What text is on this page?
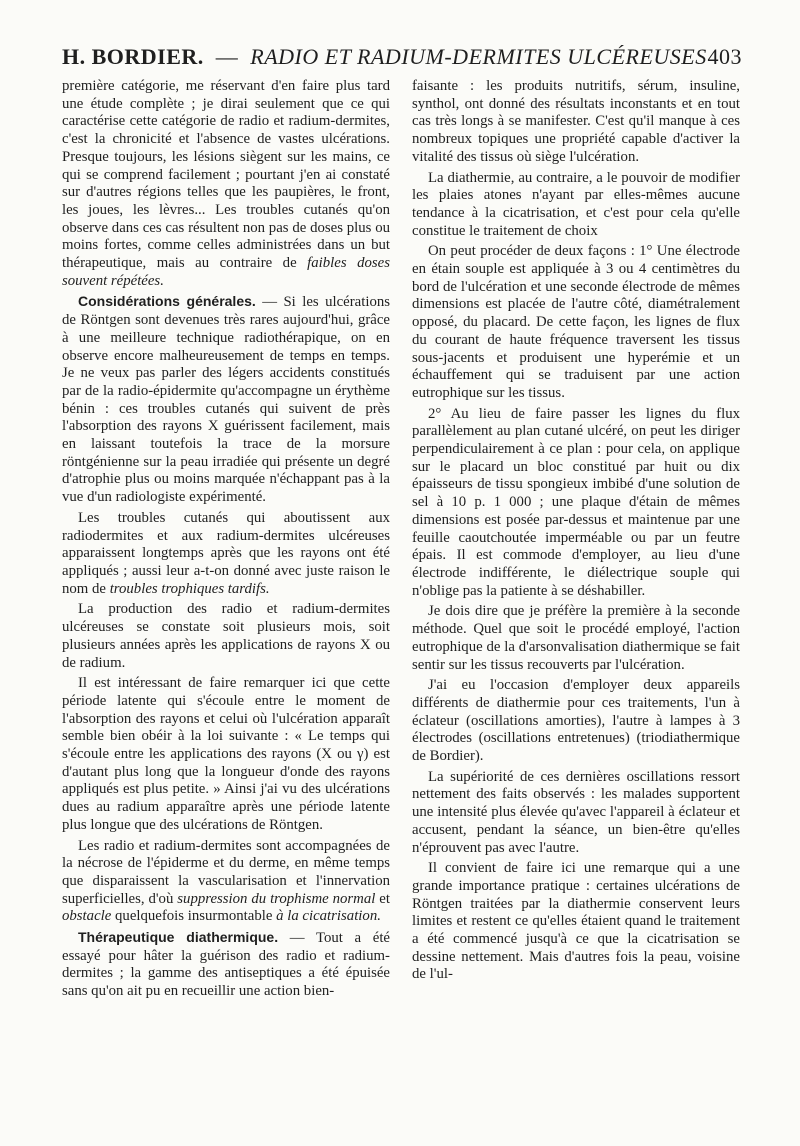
H. BORDIER. — RADIO ET RADIUM-DERMITES ULCÉREUSES 403

première catégorie, me réservant d'en faire plus tard une étude complète ; je dirai seulement que ce qui caractérise cette catégorie de radio et radium-dermites, c'est la chronicité et l'absence de vastes ulcérations. Presque toujours, les lésions siègent sur les mains, ce qui se comprend facilement ; pourtant j'en ai constaté sur d'autres régions telles que les paupières, le front, les joues, les lèvres... Les troubles cutanés qu'on observe dans ces cas résultent non pas de doses plus ou moins fortes, comme celles administrées dans un but thérapeutique, mais au contraire de faibles doses souvent répétées.

Considérations générales. — Si les ulcérations de Röntgen sont devenues très rares aujourd'hui, grâce à une meilleure technique radiothérapique, on en observe encore malheureusement de temps en temps. Je ne veux pas parler des légers accidents constitués par de la radio-épidermite qu'accompagne un érythème bénin : ces troubles cutanés qui suivent de près l'absorption des rayons X guérissent facilement, mais en laissant toutefois la trace de la morsure röntgénienne sur la peau irradiée qui présente un degré d'atrophie plus ou moins marquée n'échappant pas à la vue d'un radiologiste expérimenté.

Les troubles cutanés qui aboutissent aux radiodermites et aux radium-dermites ulcéreuses apparaissent longtemps après que les rayons ont été appliqués ; aussi leur a-t-on donné avec juste raison le nom de troubles trophiques tardifs.

La production des radio et radium-dermites ulcéreuses se constate soit plusieurs mois, soit plusieurs années après les applications de rayons X ou de radium.

Il est intéressant de faire remarquer ici que cette période latente qui s'écoule entre le moment de l'absorption des rayons et celui où l'ulcération apparaît semble bien obéir à la loi suivante : « Le temps qui s'écoule entre les applications des rayons (X ou γ) est d'autant plus long que la longueur d'onde des rayons appliqués est plus petite. » Ainsi j'ai vu des ulcérations dues au radium apparaître après une période latente plus longue que des ulcérations de Röntgen.

Les radio et radium-dermites sont accompagnées de la nécrose de l'épiderme et du derme, en même temps que disparaissent la vascularisation et l'innervation superficielles, d'où suppression du trophisme normal et obstacle quelquefois insurmontable à la cicatrisation.

Thérapeutique diathermique. — Tout a été essayé pour hâter la guérison des radio et radium-dermites ; la gamme des antiseptiques a été épuisée sans qu'on ait pu en recueillir une action bien-

faisante : les produits nutritifs, sérum, insuline, synthol, ont donné des résultats inconstants et en tout cas très longs à se manifester. C'est qu'il manque à ces nombreux topiques une propriété capable d'activer la vitalité des tissus où siège l'ulcération.

La diathermie, au contraire, a le pouvoir de modifier les plaies atones n'ayant par elles-mêmes aucune tendance à la cicatrisation, et c'est pour cela qu'elle constitue le traitement de choix

On peut procéder de deux façons : 1° Une électrode en étain souple est appliquée à 3 ou 4 centimètres du bord de l'ulcération et une seconde électrode de mêmes dimensions est placée de l'autre côté, diamétralement opposé, du placard. De cette façon, les lignes de flux du courant de haute fréquence traversent les tissus sous-jacents et produisent une hyperémie et un échauffement qui se traduisent par une action eutrophique sur les tissus.

2° Au lieu de faire passer les lignes du flux parallèlement au plan cutané ulcéré, on peut les diriger perpendiculairement à ce plan : pour cela, on applique sur le placard un bloc constitué par huit ou dix épaisseurs de tissu spongieux imbibé d'une solution de sel à 10 p. 1 000 ; une plaque d'étain de mêmes dimensions est posée par-dessus et maintenue par une feuille caoutchoutée imperméable ou par un feutre épais. Il est commode d'employer, au lieu d'une électrode indifférente, le diélectrique souple qui n'oblige pas la patiente à se déshabiller.

Je dois dire que je préfère la première à la seconde méthode. Quel que soit le procédé employé, l'action eutrophique de la d'arsonvalisation diathermique se fait sentir sur les tissus recouverts par l'ulcération.

J'ai eu l'occasion d'employer deux appareils différents de diathermie pour ces traitements, l'un à éclateur (oscillations amorties), l'autre à lampes à 3 électrodes (oscillations entretenues) (triodiathermique de Bordier).

La supériorité de ces dernières oscillations ressort nettement des faits observés : les malades supportent une intensité plus élevée qu'avec l'appareil à éclateur et accusent, pendant la séance, un bien-être qu'elles n'éprouvent pas avec l'autre.

Il convient de faire ici une remarque qui a une grande importance pratique : certaines ulcérations de Röntgen traitées par la diathermie conservent leurs limites et restent ce qu'elles étaient quand le traitement a été commencé jusqu'à ce que la cicatrisation se dessine nettement. Mais d'autres fois la peau, voisine de l'ul-
